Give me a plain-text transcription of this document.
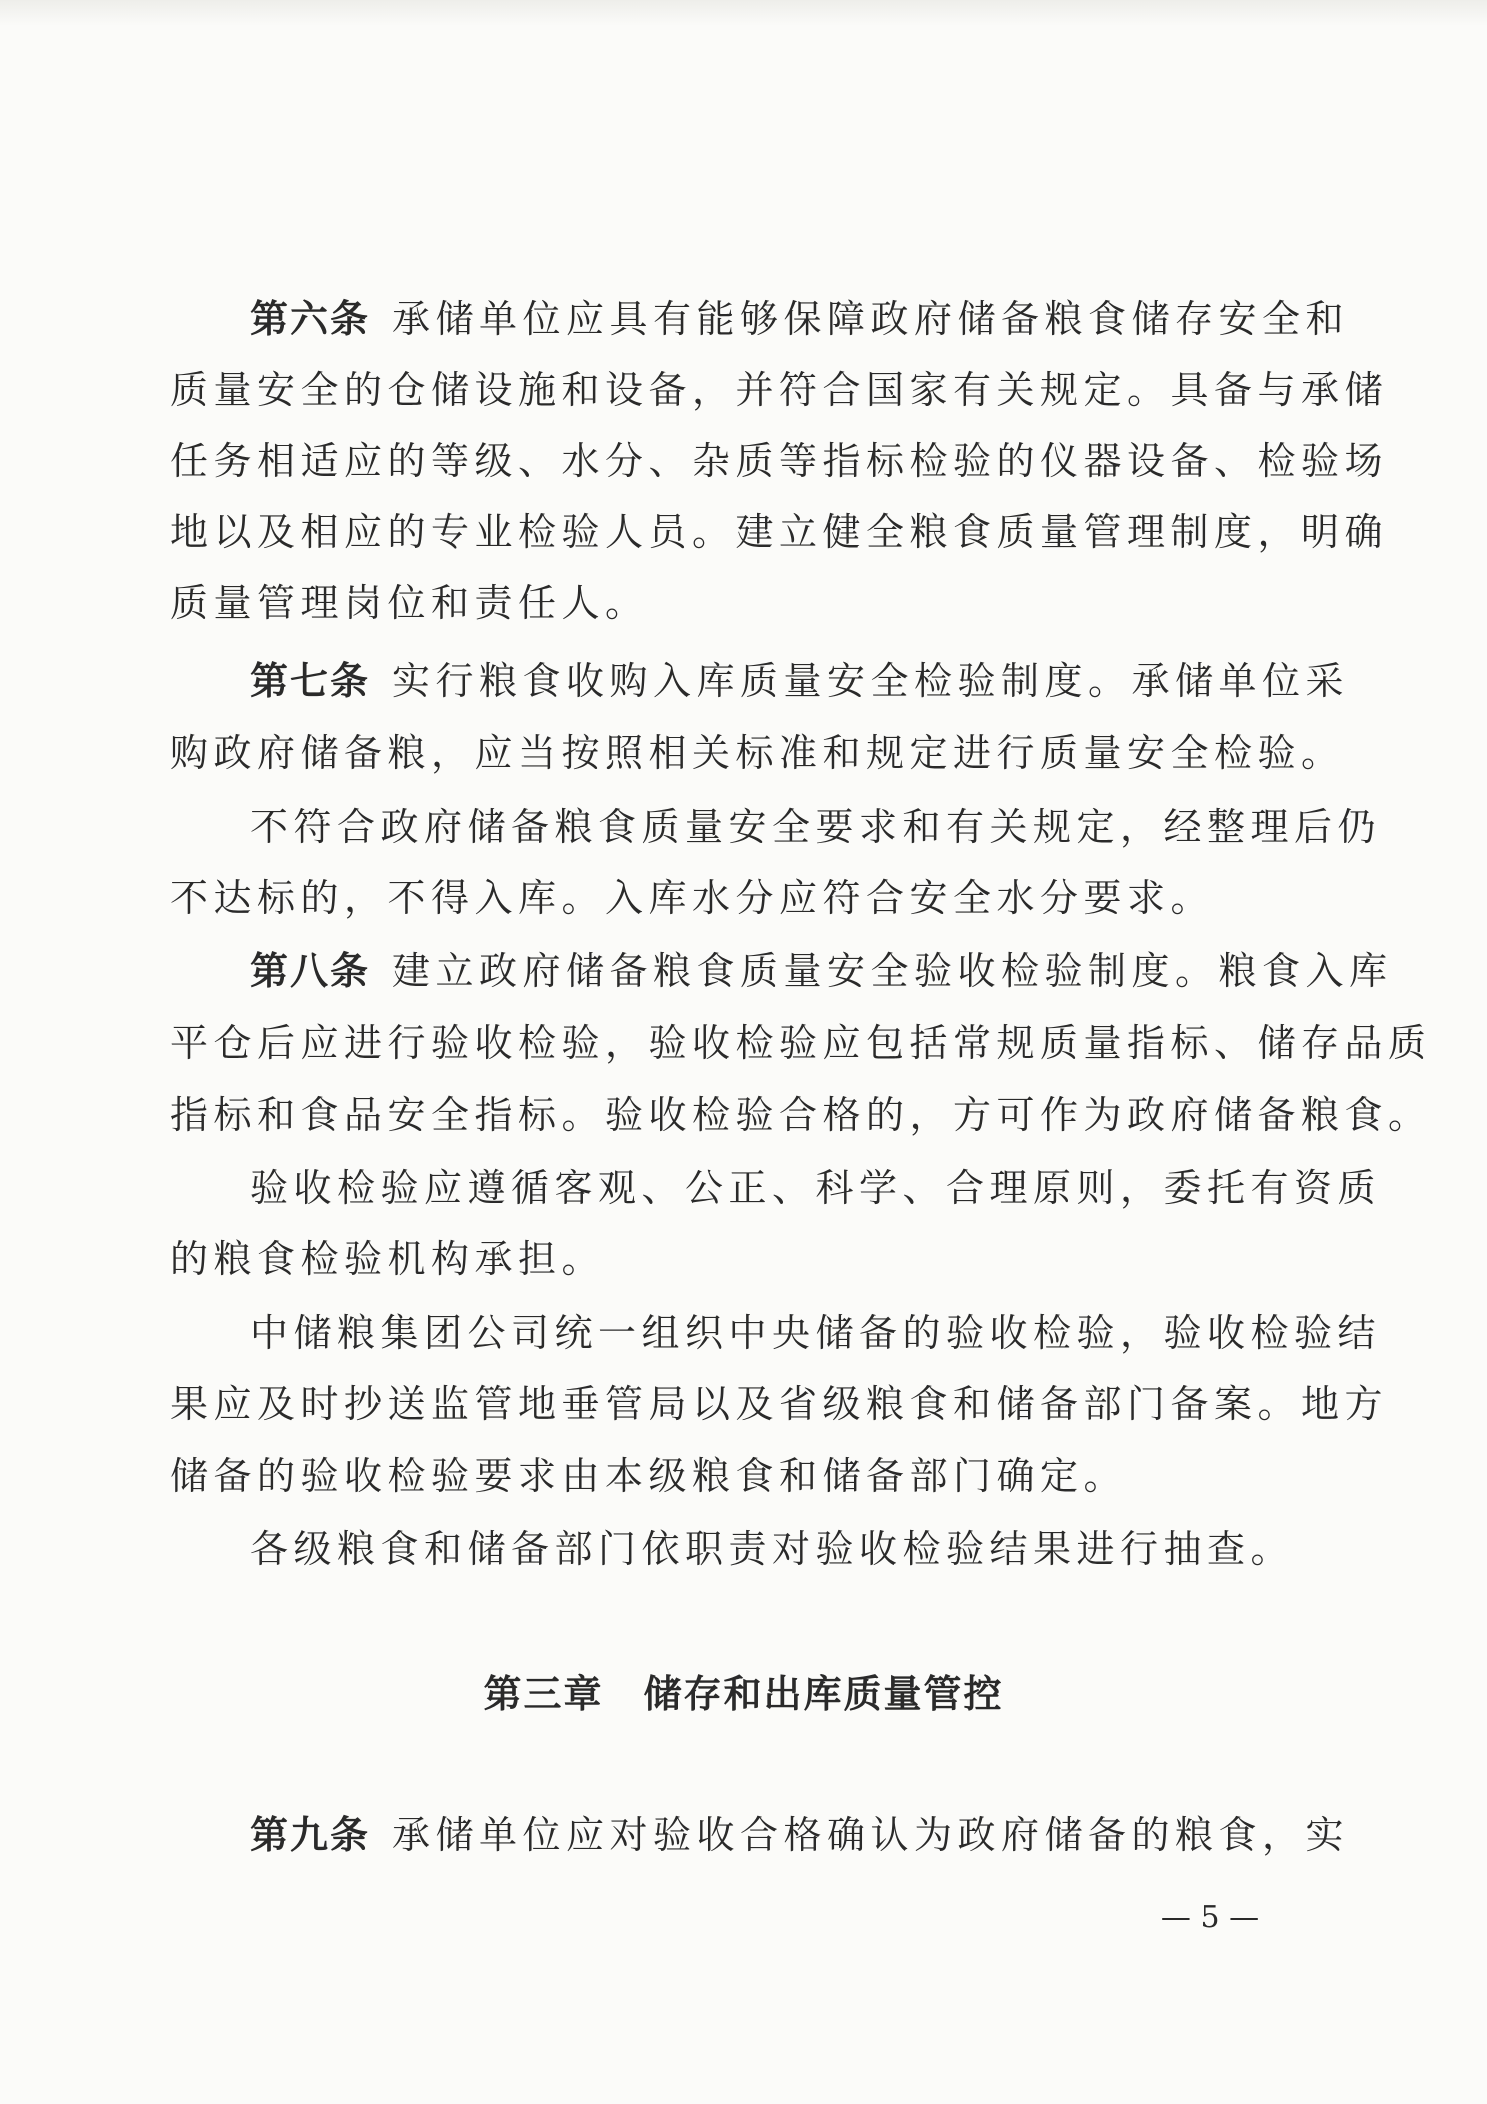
第六条 承储单位应具有能够保障政府储备粮食储存安全和
质量安全的仓储设施和设备，并符合国家有关规定。具备与承储
任务相适应的等级、水分、杂质等指标检验的仪器设备、检验场
地以及相应的专业检验人员。建立健全粮食质量管理制度，明确
质量管理岗位和责任人。
第七条 实行粮食收购入库质量安全检验制度。承储单位采
购政府储备粮，应当按照相关标准和规定进行质量安全检验。
不符合政府储备粮食质量安全要求和有关规定，经整理后仍
不达标的，不得入库。入库水分应符合安全水分要求。
第八条 建立政府储备粮食质量安全验收检验制度。粮食入库
平仓后应进行验收检验，验收检验应包括常规质量指标、储存品质
指标和食品安全指标。验收检验合格的，方可作为政府储备粮食。
验收检验应遵循客观、公正、科学、合理原则，委托有资质
的粮食检验机构承担。
中储粮集团公司统一组织中央储备的验收检验，验收检验结
果应及时抄送监管地垂管局以及省级粮食和储备部门备案。地方
储备的验收检验要求由本级粮食和储备部门确定。
各级粮食和储备部门依职责对验收检验结果进行抽查。
第三章　储存和出库质量管控
第九条 承储单位应对验收合格确认为政府储备的粮食，实
— 5 —
